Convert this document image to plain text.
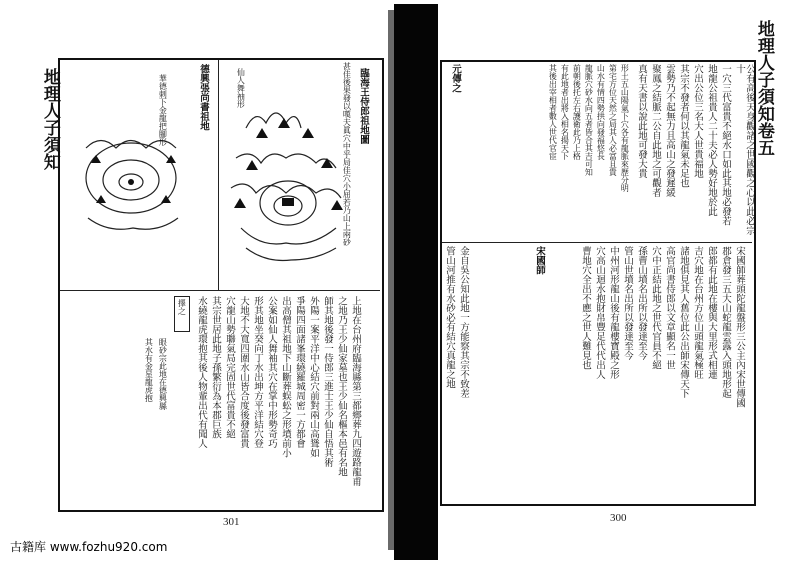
地理人子須知	仙人舞袖形	臨海王侍郎祖地圖
德興張尚書祖地
華德刺下金龍把腳形	甚佳後果發以嘆夫眞穴中乎局佳穴小屈若乃山上兩砂
上地在台州府臨海縣第三都鄉葬九四遊路龍甫
之地乃王少仙家墓也王少仙名樞本邑有名地
師其地後發一侍郎三進士王少仙自悟其術
外陽一案平洋中心結穴前對兩山高聳如
爭陽四面諸峯環繞羅城周密一方都會
出高僧其祖地下山斷葬蜈蚣之形墳前小
公案如仙人舞袖其穴在掌中形勢奇巧
形其地坐癸向丁水出坤方平洋結穴登
大地不大寬四圍水山皆合度後發富貴
穴龍山勢聯氣局完固世代富貴不絕
其宗世居此地子孫繁衍為本郡巨族
水繞龍虎環抱其後人物輩出代有聞人
擇之
眼砂宗此地在德興縣
其水有金星龍虎抱
301
地理人子須知卷五
公有高後天身觀諸之世國觀之心以此必宗十
一穴三代富貴不絕水口如此其地必發若
地龍公祖貴人二十夫必人勢好地於此
穴出公位三名大人世貴福地
其宗不發者何以其龍氣未足也
雲勢乃不起無力且高山之發遲緩
聚鳳之結脈二公自此地之可觀者
真有天書以說此地可發大貴
形土五山陽氣下穴各有龍脈來歷分明
第宅方位天然之局其人必富且貴
山水有情四勢拱向發福悠長
龍脈穴砂水向五者皆合其吉可知
前朝後托左右護衛此乃上格
有此地者出將入相名揚天下
其後出宰相者數人世代官宦
元傳之
宋國師	宋國師葬頭陀龍盤形三公主內宋世傳國
郡倉發三五大山蛇龍雲露入頭地形起
郎都有此地在樓與大里形式相連
吉穴地在台州方位山頭龍氣極旺
諸地俱見其人舊位此公出師宋傳天下
高官尚書侍郎以文章顯名一世
穴中正結此地之世代官員不絕
孫曹山墳名出所以發達至今
管山世墳名出所以發達至今
中州河形龍山後有龍樓寶殿之形
穴高山迴水抱財帛豐足代代出人
曹地穴全出不應之世人難見也
金自吳公知此地一方能察其宗不致差
管山河推有水砂必有結穴真龍之地
300
古籍库 www.fozhu920.com
